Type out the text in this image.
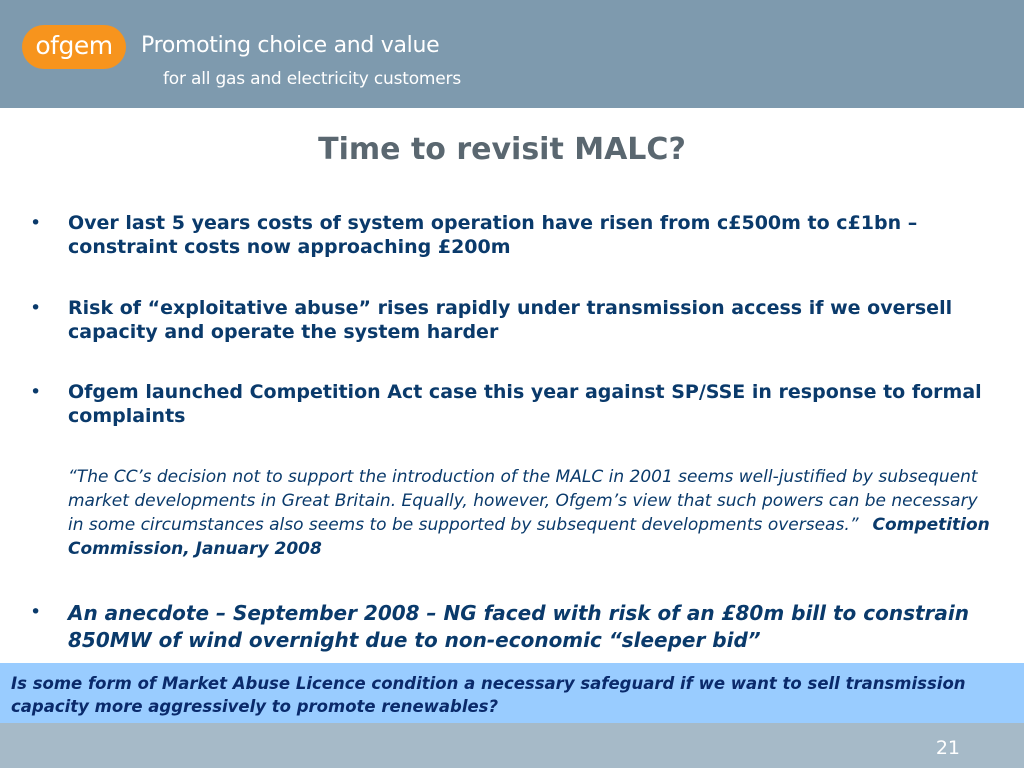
ofgem Promoting choice and value
for all gas and electricity customers
Time to revisit MALC?
•	Over last 5 years costs of system operation have risen from c£500m to c£1bn – constraint costs now approaching £200m
•	Risk of “exploitative abuse” rises rapidly under transmission access if we oversell capacity and operate the system harder
•	Ofgem launched Competition Act case this year against SP/SSE in response to formal complaints
“The CC’s decision not to support the introduction of the MALC in 2001 seems well-justified by subsequent market developments in Great Britain. Equally, however, Ofgem’s view that such powers can be necessary in some circumstances also seems to be supported by subsequent developments overseas.” Competition Commission, January 2008
•	An anecdote – September 2008 – NG faced with risk of an £80m bill to constrain 850MW of wind overnight due to non-economic “sleeper bid”
Is some form of Market Abuse Licence condition a necessary safeguard if we want to sell transmission capacity more aggressively to promote renewables?
21
